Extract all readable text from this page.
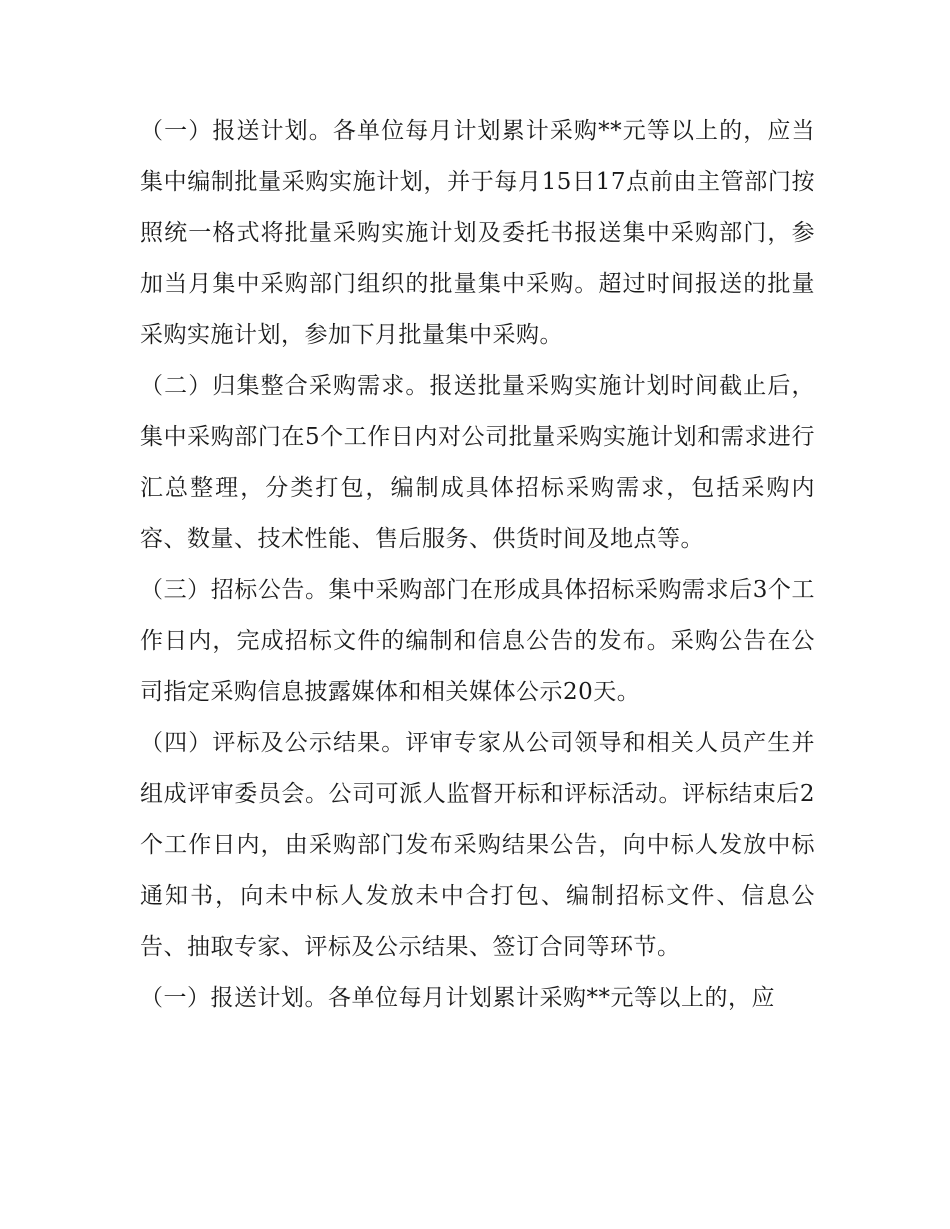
（一）报送计划。各单位每月计划累计采购**元等以上的，应当集中编制批量采购实施计划，并于每月15日17点前由主管部门按照统一格式将批量采购实施计划及委托书报送集中采购部门，参加当月集中采购部门组织的批量集中采购。超过时间报送的批量采购实施计划，参加下月批量集中采购。

（二）归集整合采购需求。报送批量采购实施计划时间截止后，集中采购部门在5个工作日内对公司批量采购实施计划和需求进行汇总整理，分类打包，编制成具体招标采购需求，包括采购内容、数量、技术性能、售后服务、供货时间及地点等。

（三）招标公告。集中采购部门在形成具体招标采购需求后3个工作日内，完成招标文件的编制和信息公告的发布。采购公告在公司指定采购信息披露媒体和相关媒体公示20天。

（四）评标及公示结果。评审专家从公司领导和相关人员产生并组成评审委员会。公司可派人监督开标和评标活动。评标结束后2个工作日内，由采购部门发布采购结果公告，向中标人发放中标通知书，向未中标人发放未中合打包、编制招标文件、信息公告、抽取专家、评标及公示结果、签订合同等环节。

（一）报送计划。各单位每月计划累计采购**元等以上的，应
